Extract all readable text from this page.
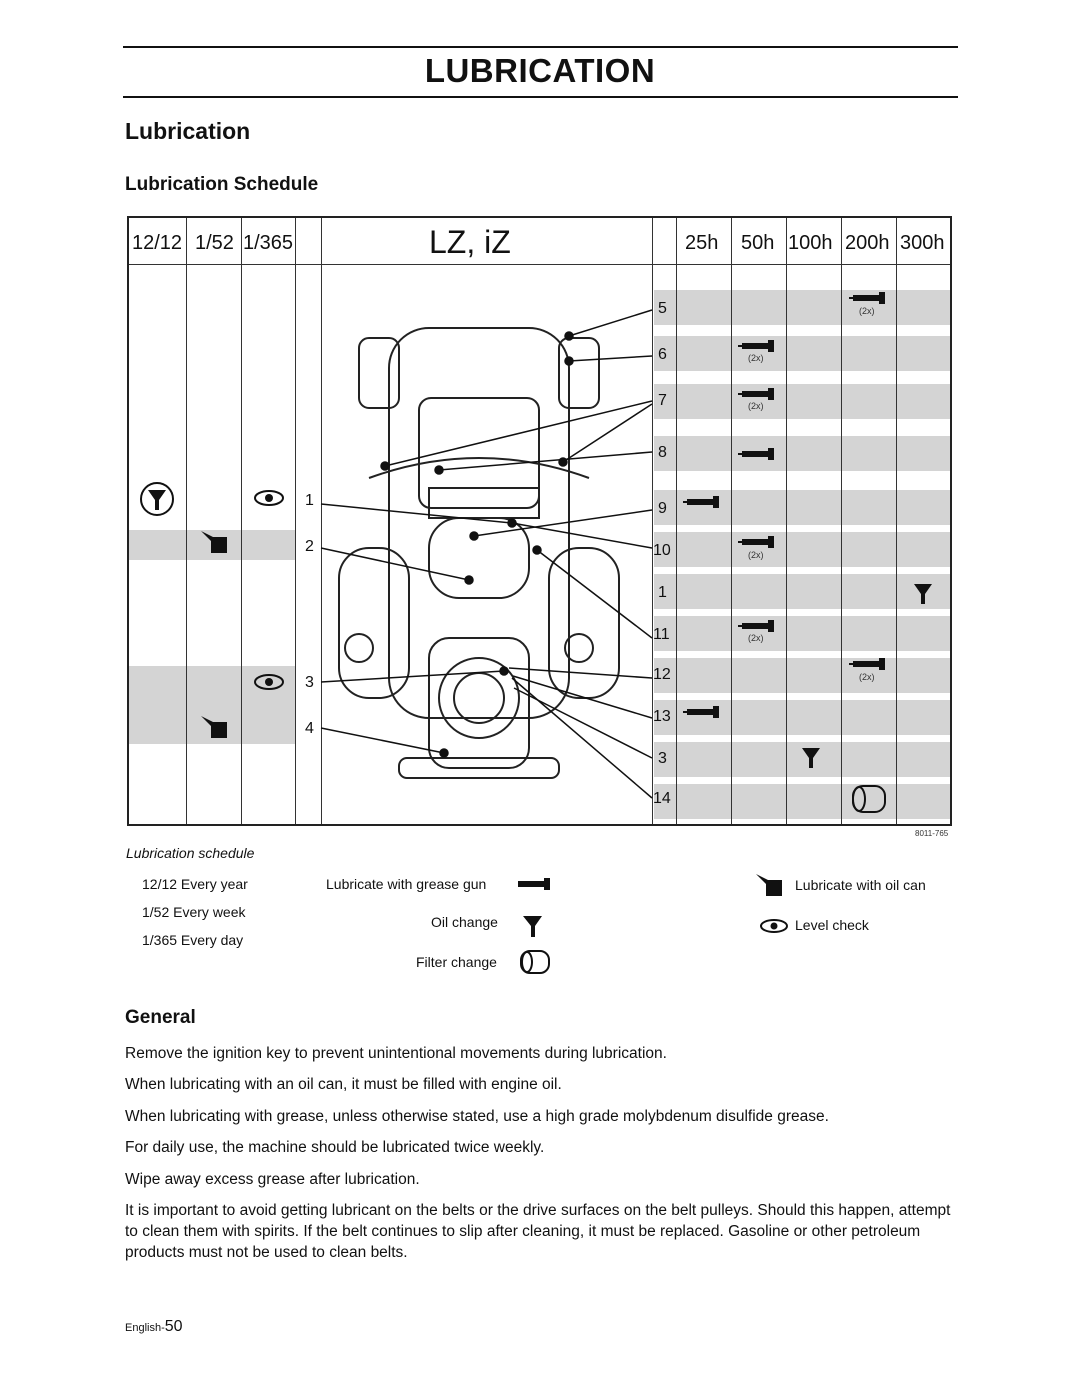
LUBRICATION
Lubrication
Lubrication Schedule
12/12 1/52 1/365	LZ, iZ	25h 50h 100h 200h 300h
1
2
3
4
5
6
7
8
9
10
1
11
12
13
3
14
(2x)
(2x)
(2x)
(2x)
(2x)
(2x)
8011-765
Lubrication schedule
12/12 Every year
1/52 Every week
1/365 Every day
Lubricate with grease gun
Oil change
Filter change
Lubricate with oil can
Level check
General
Remove the ignition key to prevent unintentional movements during lubrication.
When lubricating with an oil can, it must be filled with engine oil.
When lubricating with grease, unless otherwise stated, use a high grade molybdenum disulfide grease.
For daily use, the machine should be lubricated twice weekly.
Wipe away excess grease after lubrication.
It is important to avoid getting lubricant on the belts or the drive surfaces on the belt pulleys. Should this happen, attempt to clean them with spirits. If the belt continues to slip after cleaning, it must be replaced. Gasoline or other petroleum products must not be used to clean belts.
English-50
